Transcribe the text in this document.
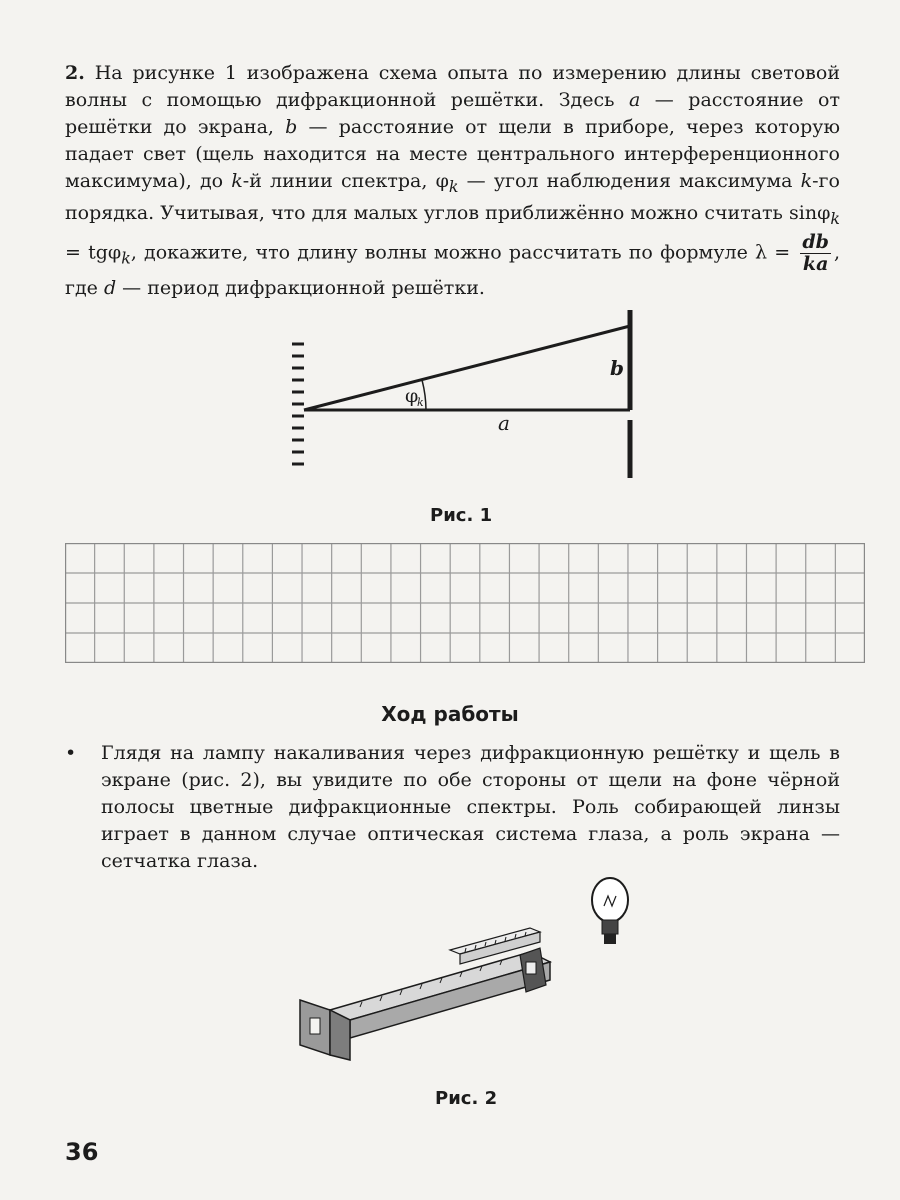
2. На рисунке 1 изображена схема опыта по измерению длины световой волны с помощью дифракционной решётки. Здесь a — расстояние от решётки до экрана, b — расстояние от щели в приборе, через которую падает свет (щель находится на месте центрального интерференционного максимума), до k-й линии спектра, $\varphi_k$ — угол наблюдения максимума k-го порядка. Учитывая, что для малых углов приближённо можно считать sinφ$_k$ = tgφ$_k$, докажите, что длину волны можно рассчитать по формуле $\lambda = \frac{db}{ka}$ , где d — период дифракционной решётки.

φ
k
a
b
Рис. 1
Ход работы
• Глядя на лампу накаливания через дифракционную решётку и щель в экране (рис. 2), вы увидите по обе стороны от щели на фоне чёрной полосы цветные дифракционные спектры. Роль собирающей линзы играет в данном случае оптическая система глаза, а роль экрана — сетчатка глаза.
Рис. 2
36
